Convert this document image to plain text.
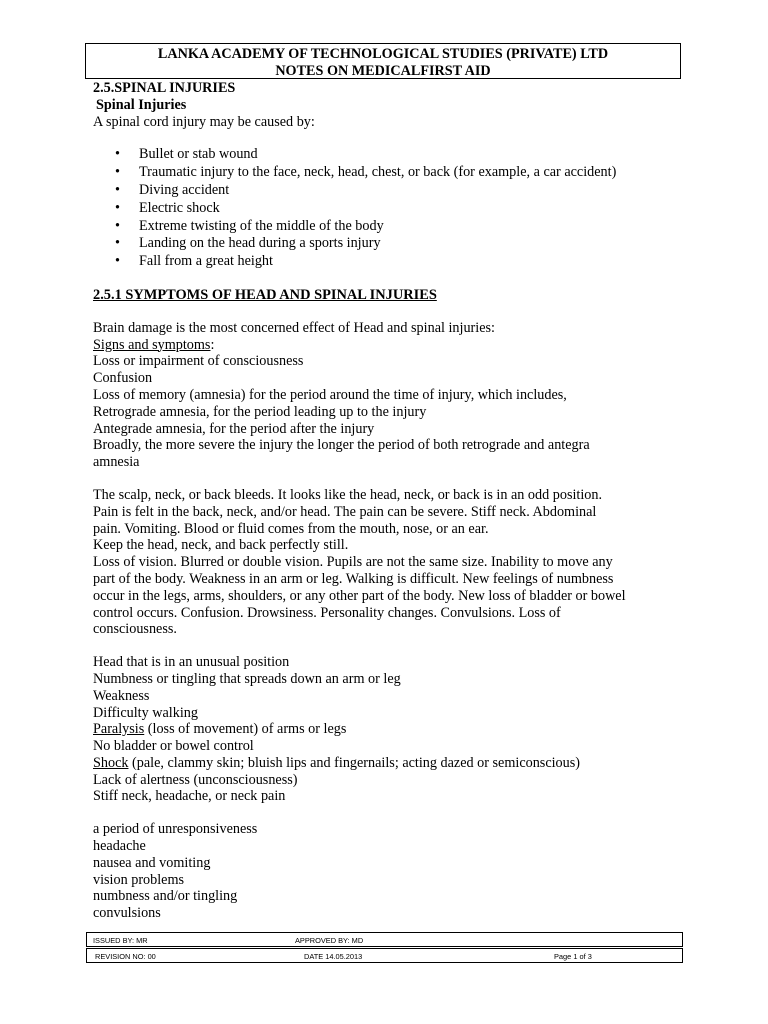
LANKA ACADEMY OF TECHNOLOGICAL STUDIES (PRIVATE) LTD
NOTES ON MEDICALFIRST AID
2.5.SPINAL INJURIES
Spinal Injuries
A spinal cord injury may be caused by:
• Bullet or stab wound
• Traumatic injury to the face, neck, head, chest, or back (for example, a car accident)
• Diving accident
• Electric shock
• Extreme twisting of the middle of the body
• Landing on the head during a sports injury
• Fall from a great height
2.5.1 SYMPTOMS OF HEAD AND SPINAL INJURIES
Brain damage is the most concerned effect of Head and spinal injuries:
Signs and symptoms:
Loss or impairment of consciousness
Confusion
Loss of memory (amnesia) for the period around the time of injury, which includes,
Retrograde amnesia, for the period leading up to the injury
Antegrade amnesia, for the period after the injury
Broadly, the more severe the injury the longer the period of both retrograde and antegra
amnesia
The scalp, neck, or back bleeds. It looks like the head, neck, or back is in an odd position.
Pain is felt in the back, neck, and/or head. The pain can be severe. Stiff neck. Abdominal
pain. Vomiting. Blood or fluid comes from the mouth, nose, or an ear.
Keep the head, neck, and back perfectly still.
Loss of vision. Blurred or double vision. Pupils are not the same size. Inability to move any
part of the body. Weakness in an arm or leg. Walking is difficult. New feelings of numbness
occur in the legs, arms, shoulders, or any other part of the body. New loss of bladder or bowel
control occurs. Confusion. Drowsiness. Personality changes. Convulsions. Loss of
consciousness.
Head that is in an unusual position
Numbness or tingling that spreads down an arm or leg
Weakness
Difficulty walking
Paralysis (loss of movement) of arms or legs
No bladder or bowel control
Shock (pale, clammy skin; bluish lips and fingernails; acting dazed or semiconscious)
Lack of alertness (unconsciousness)
Stiff neck, headache, or neck pain
a period of unresponsiveness
headache
nausea and vomiting
vision problems
numbness and/or tingling
convulsions
ISSUED BY: MR	APPROVED BY: MD
REVISION NO: 00	DATE 14.05.2013	Page 1 of 3
